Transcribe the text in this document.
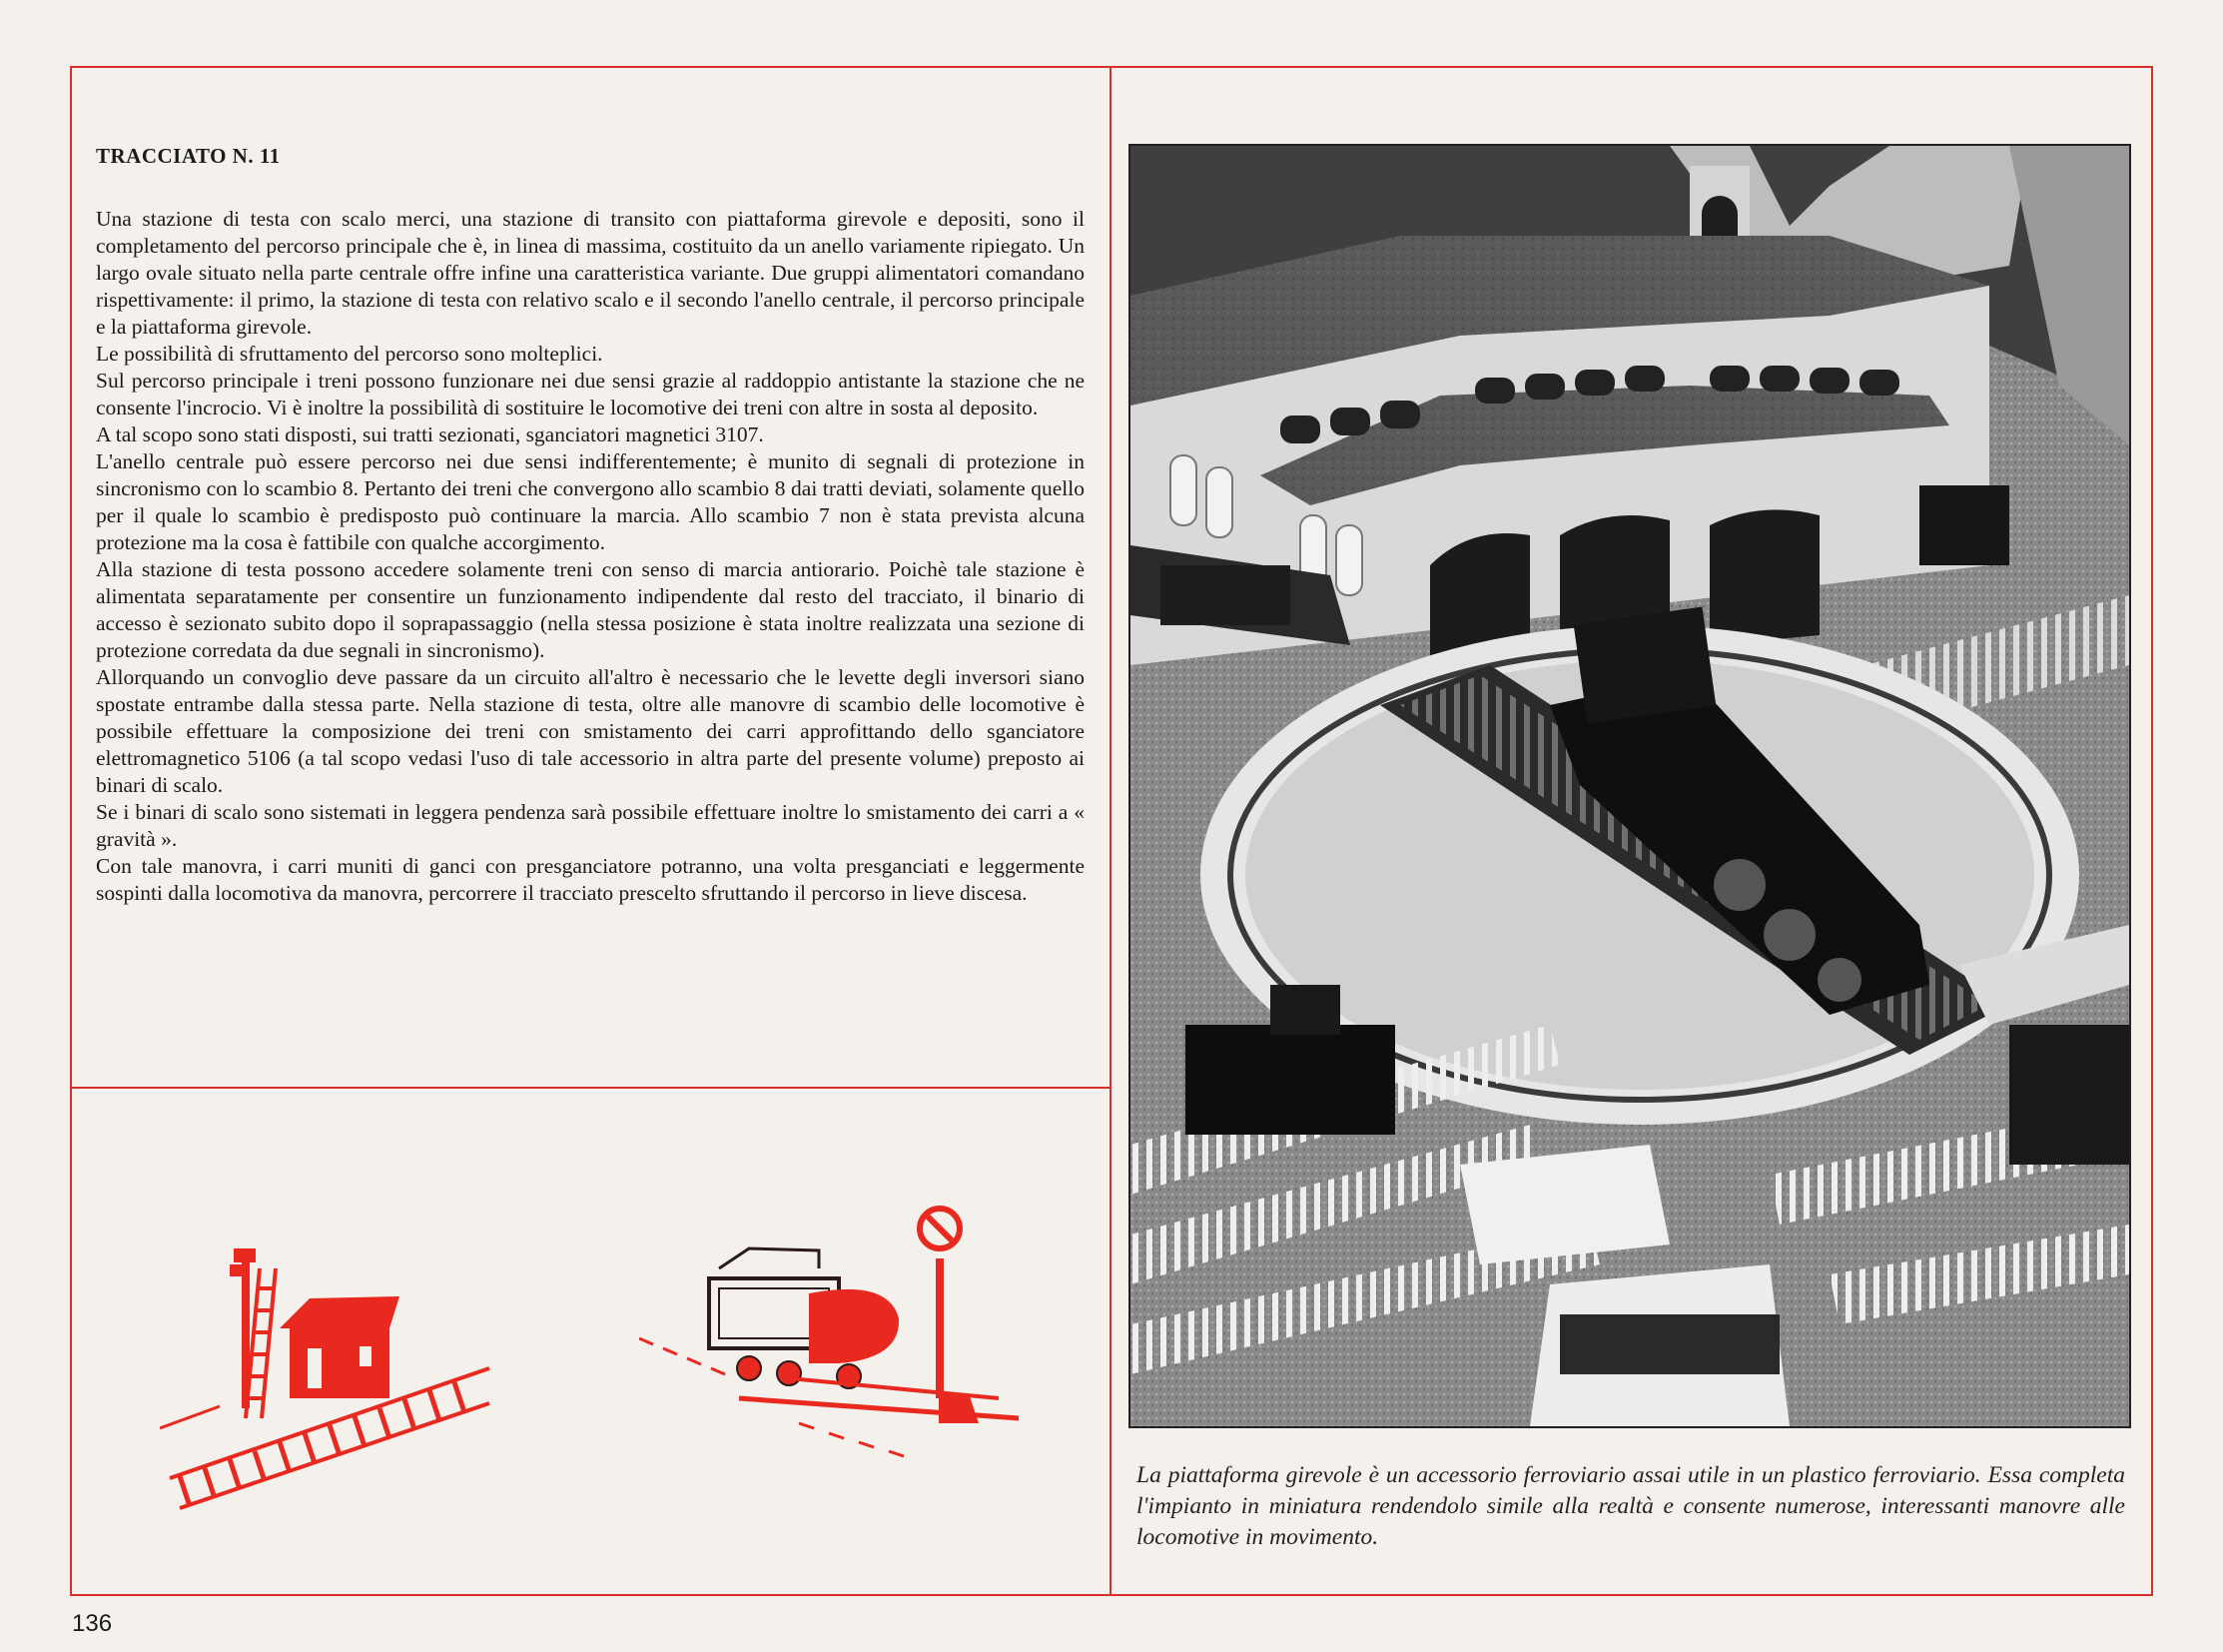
TRACCIATO N. 11

Una stazione di testa con scalo merci, una stazione di transito con piattaforma girevole e depositi, sono il completamento del percorso principale che è, in linea di massima, costituito da un anello variamente ripiegato. Un largo ovale situato nella parte centrale offre infine una caratteristica variante. Due gruppi alimentatori comandano rispettivamente: il primo, la stazione di testa con relativo scalo e il secondo l'anello centrale, il percorso principale e la piattaforma girevole.

Le possibilità di sfruttamento del percorso sono molteplici.

Sul percorso principale i treni possono funzionare nei due sensi grazie al raddoppio antistante la stazione che ne consente l'incrocio. Vi è inoltre la possibilità di sostituire le locomotive dei treni con altre in sosta al deposito.

A tal scopo sono stati disposti, sui tratti sezionati, sganciatori magnetici 3107.

L'anello centrale può essere percorso nei due sensi indifferentemente; è munito di segnali di protezione in sincronismo con lo scambio 8. Pertanto dei treni che convergono allo scambio 8 dai tratti deviati, solamente quello per il quale lo scambio è predisposto può continuare la marcia. Allo scambio 7 non è stata prevista alcuna protezione ma la cosa è fattibile con qualche accorgimento.

Alla stazione di testa possono accedere solamente treni con senso di marcia antiorario. Poichè tale stazione è alimentata separatamente per consentire un funzionamento indipendente dal resto del tracciato, il binario di accesso è sezionato subito dopo il soprapassaggio (nella stessa posizione è stata inoltre realizzata una sezione di protezione corredata da due segnali in sincronismo).

Allorquando un convoglio deve passare da un circuito all'altro è necessario che le levette degli inversori siano spostate entrambe dalla stessa parte. Nella stazione di testa, oltre alle manovre di scambio delle locomotive è possibile effettuare la composizione dei treni con smistamento dei carri approfittando dello sganciatore elettromagnetico 5106 (a tal scopo vedasi l'uso di tale accessorio in altra parte del presente volume) preposto ai binari di scalo.

Se i binari di scalo sono sistemati in leggera pendenza sarà possibile effettuare inoltre lo smistamento dei carri a « gravità ».

Con tale manovra, i carri muniti di ganci con presganciatore potranno, una volta presganciati e leggermente sospinti dalla locomotiva da manovra, percorrere il tracciato prescelto sfruttando il percorso in lieve discesa.

La piattaforma girevole è un accessorio ferroviario assai utile in un plastico ferroviario. Essa completa l'impianto in miniatura rendendolo simile alla realtà e consente numerose, interessanti manovre alle locomotive in movimento.
136
